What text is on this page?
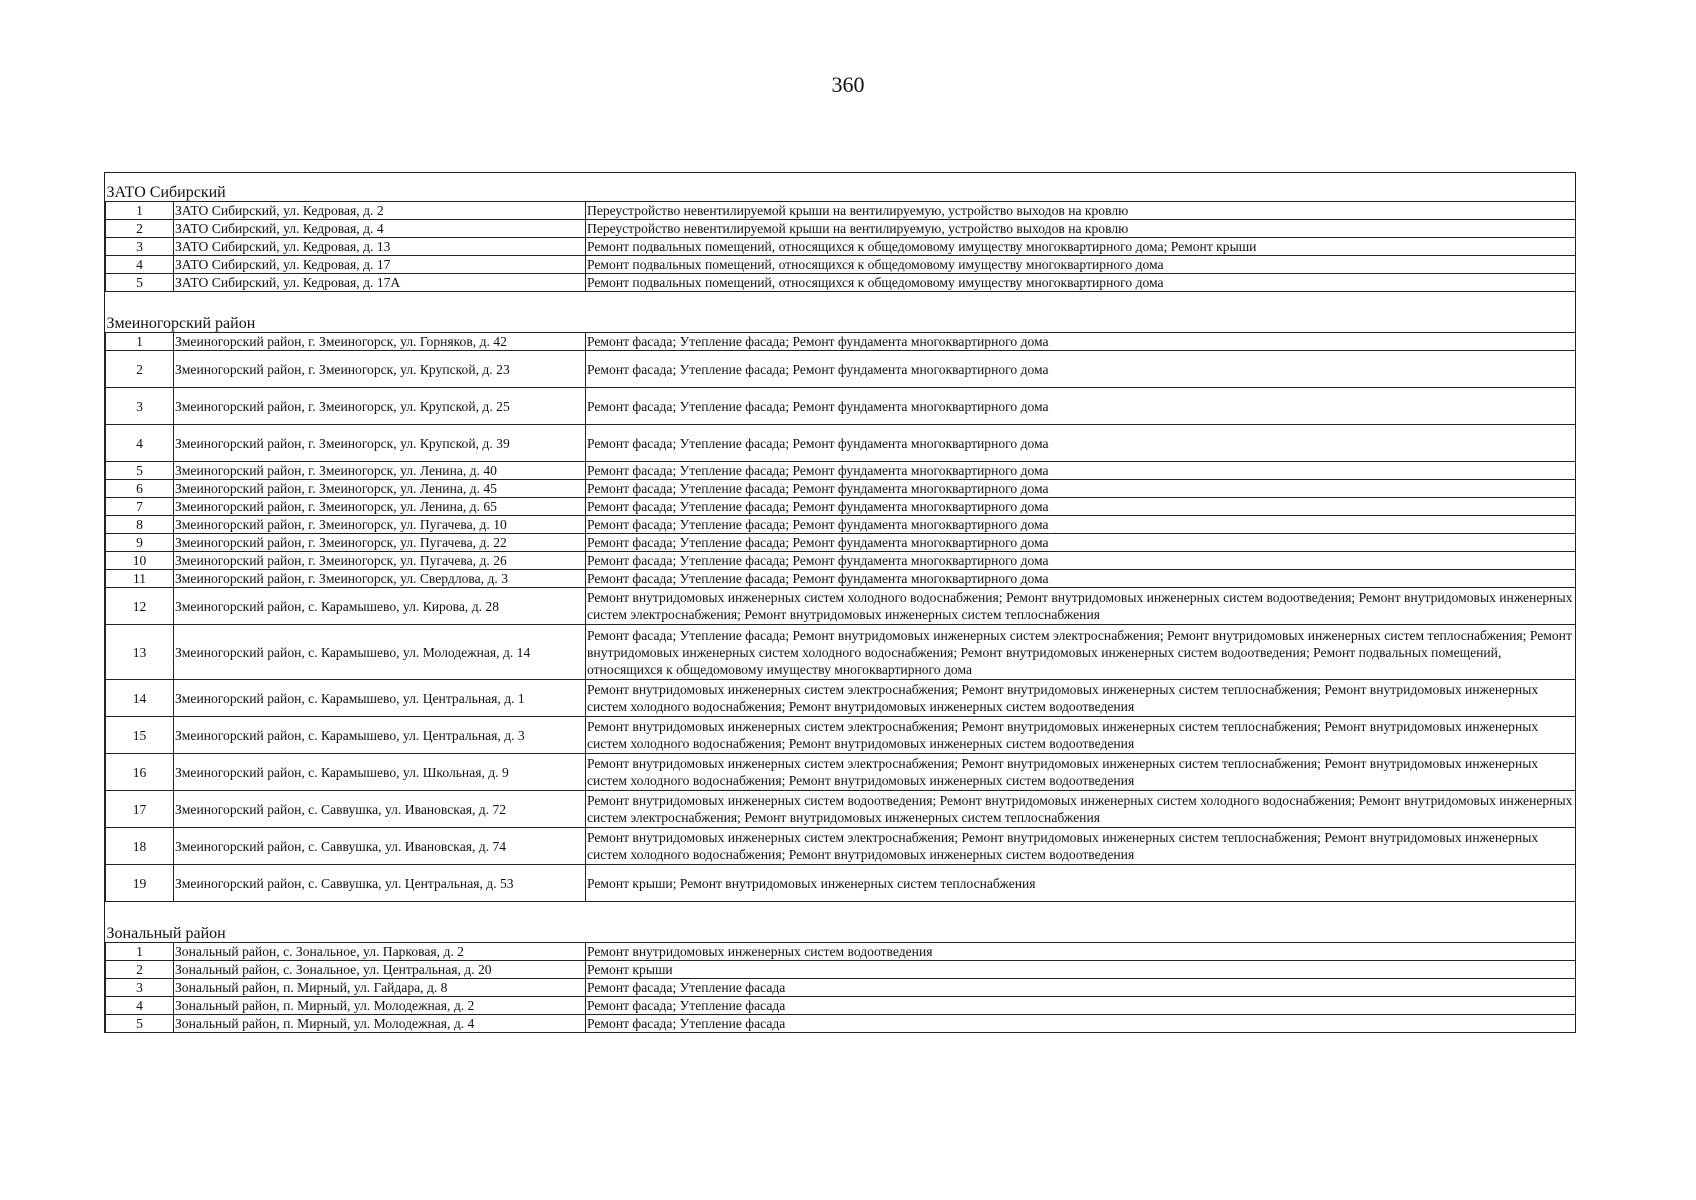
360
ЗАТО Сибирский		
1	ЗАТО Сибирский, ул. Кедровая, д. 2	Переустройство невентилируемой крыши на вентилируемую, устройство выходов на кровлю
2	ЗАТО Сибирский, ул. Кедровая, д. 4	Переустройство невентилируемой крыши на вентилируемую, устройство выходов на кровлю
3	ЗАТО Сибирский, ул. Кедровая, д. 13	Ремонт подвальных помещений, относящихся к общедомовому имуществу многоквартирного дома; Ремонт крыши
4	ЗАТО Сибирский, ул. Кедровая, д. 17	Ремонт подвальных помещений, относящихся к общедомовому имуществу многоквартирного дома
5	ЗАТО Сибирский, ул. Кедровая, д. 17А	Ремонт подвальных помещений, относящихся к общедомовому имуществу многоквартирного дома
Змеиногорский район		
1	Змеиногорский район, г. Змеиногорск, ул. Горняков, д. 42	Ремонт фасада; Утепление фасада; Ремонт фундамента многоквартирного дома
2	Змеиногорский район, г. Змеиногорск, ул. Крупской, д. 23	Ремонт фасада; Утепление фасада; Ремонт фундамента многоквартирного дома
3	Змеиногорский район, г. Змеиногорск, ул. Крупской, д. 25	Ремонт фасада; Утепление фасада; Ремонт фундамента многоквартирного дома
4	Змеиногорский район, г. Змеиногорск, ул. Крупской, д. 39	Ремонт фасада; Утепление фасада; Ремонт фундамента многоквартирного дома
5	Змеиногорский район, г. Змеиногорск, ул. Ленина, д. 40	Ремонт фасада; Утепление фасада; Ремонт фундамента многоквартирного дома
6	Змеиногорский район, г. Змеиногорск, ул. Ленина, д. 45	Ремонт фасада; Утепление фасада; Ремонт фундамента многоквартирного дома
7	Змеиногорский район, г. Змеиногорск, ул. Ленина, д. 65	Ремонт фасада; Утепление фасада; Ремонт фундамента многоквартирного дома
8	Змеиногорский район, г. Змеиногорск, ул. Пугачева, д. 10	Ремонт фасада; Утепление фасада; Ремонт фундамента многоквартирного дома
9	Змеиногорский район, г. Змеиногорск, ул. Пугачева, д. 22	Ремонт фасада; Утепление фасада; Ремонт фундамента многоквартирного дома
10	Змеиногорский район, г. Змеиногорск, ул. Пугачева, д. 26	Ремонт фасада; Утепление фасада; Ремонт фундамента многоквартирного дома
11	Змеиногорский район, г. Змеиногорск, ул. Свердлова, д. 3	Ремонт фасада; Утепление фасада; Ремонт фундамента многоквартирного дома
12	Змеиногорский район, с. Карамышево, ул. Кирова, д. 28	Ремонт внутридомовых инженерных систем холодного водоснабжения; Ремонт внутридомовых инженерных систем водоотведения; Ремонт внутридомовых инженерных систем электроснабжения; Ремонт внутридомовых инженерных систем теплоснабжения
13	Змеиногорский район, с. Карамышево, ул. Молодежная, д. 14	Ремонт фасада; Утепление фасада; Ремонт внутридомовых инженерных систем электроснабжения; Ремонт внутридомовых инженерных систем теплоснабжения; Ремонт внутридомовых инженерных систем холодного водоснабжения; Ремонт внутридомовых инженерных систем водоотведения; Ремонт подвальных помещений, относящихся к общедомовому имуществу многоквартирного дома
14	Змеиногорский район, с. Карамышево, ул. Центральная, д. 1	Ремонт внутридомовых инженерных систем электроснабжения; Ремонт внутридомовых инженерных систем теплоснабжения; Ремонт внутридомовых инженерных систем холодного водоснабжения; Ремонт внутридомовых инженерных систем водоотведения
15	Змеиногорский район, с. Карамышево, ул. Центральная, д. 3	Ремонт внутридомовых инженерных систем электроснабжения; Ремонт внутридомовых инженерных систем теплоснабжения; Ремонт внутридомовых инженерных систем холодного водоснабжения; Ремонт внутридомовых инженерных систем водоотведения
16	Змеиногорский район, с. Карамышево, ул. Школьная, д. 9	Ремонт внутридомовых инженерных систем электроснабжения; Ремонт внутридомовых инженерных систем теплоснабжения; Ремонт внутридомовых инженерных систем холодного водоснабжения; Ремонт внутридомовых инженерных систем водоотведения
17	Змеиногорский район, с. Саввушка, ул. Ивановская, д. 72	Ремонт внутридомовых инженерных систем водоотведения; Ремонт внутридомовых инженерных систем холодного водоснабжения; Ремонт внутридомовых инженерных систем электроснабжения; Ремонт внутридомовых инженерных систем теплоснабжения
18	Змеиногорский район, с. Саввушка, ул. Ивановская, д. 74	Ремонт внутридомовых инженерных систем электроснабжения; Ремонт внутридомовых инженерных систем теплоснабжения; Ремонт внутридомовых инженерных систем холодного водоснабжения; Ремонт внутридомовых инженерных систем водоотведения
19	Змеиногорский район, с. Саввушка, ул. Центральная, д. 53	Ремонт крыши; Ремонт внутридомовых инженерных систем теплоснабжения
Зональный район		
1	Зональный район, с. Зональное, ул. Парковая, д. 2	Ремонт внутридомовых инженерных систем водоотведения
2	Зональный район, с. Зональное, ул. Центральная, д. 20	Ремонт крыши
3	Зональный район, п. Мирный, ул. Гайдара, д. 8	Ремонт фасада; Утепление фасада
4	Зональный район, п. Мирный, ул. Молодежная, д. 2	Ремонт фасада; Утепление фасада
5	Зональный район, п. Мирный, ул. Молодежная, д. 4	Ремонт фасада; Утепление фасада
